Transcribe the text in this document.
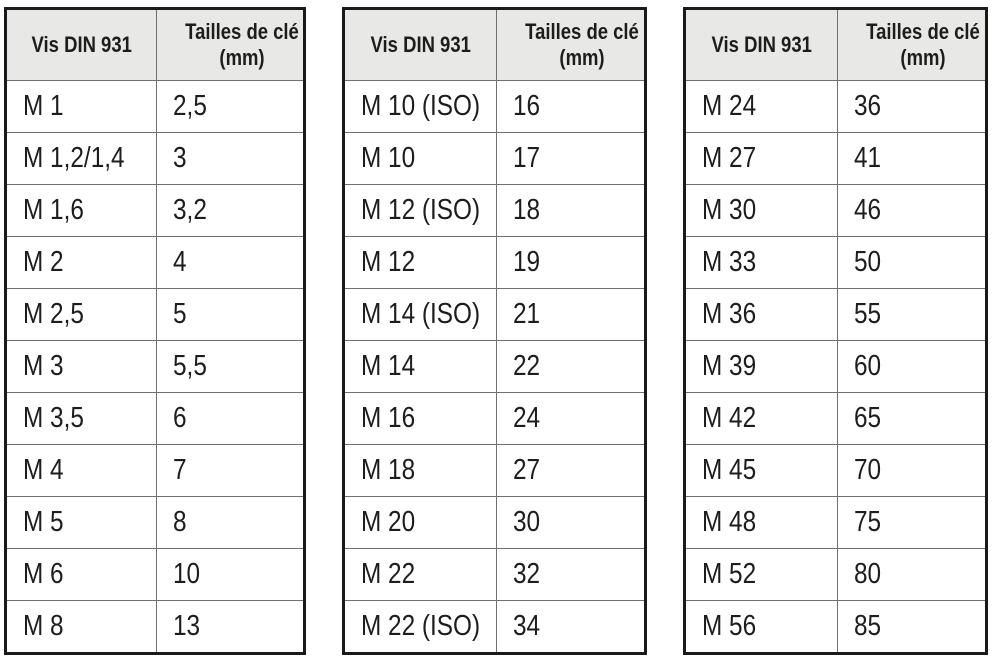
Vis DIN 931	Tailles de clé (mm)
M 1	2,5
M 1,2/1,4	3
M 1,6	3,2
M 2	4
M 2,5	5
M 3	5,5
M 3,5	6
M 4	7
M 5	8
M 6	10
M 8	13
Vis DIN 931	Tailles de clé (mm)
M 10 (ISO)	16
M 10	17
M 12 (ISO)	18
M 12	19
M 14 (ISO)	21
M 14	22
M 16	24
M 18	27
M 20	30
M 22	32
M 22 (ISO)	34
Vis DIN 931	Tailles de clé (mm)
M 24	36
M 27	41
M 30	46
M 33	50
M 36	55
M 39	60
M 42	65
M 45	70
M 48	75
M 52	80
M 56	85
